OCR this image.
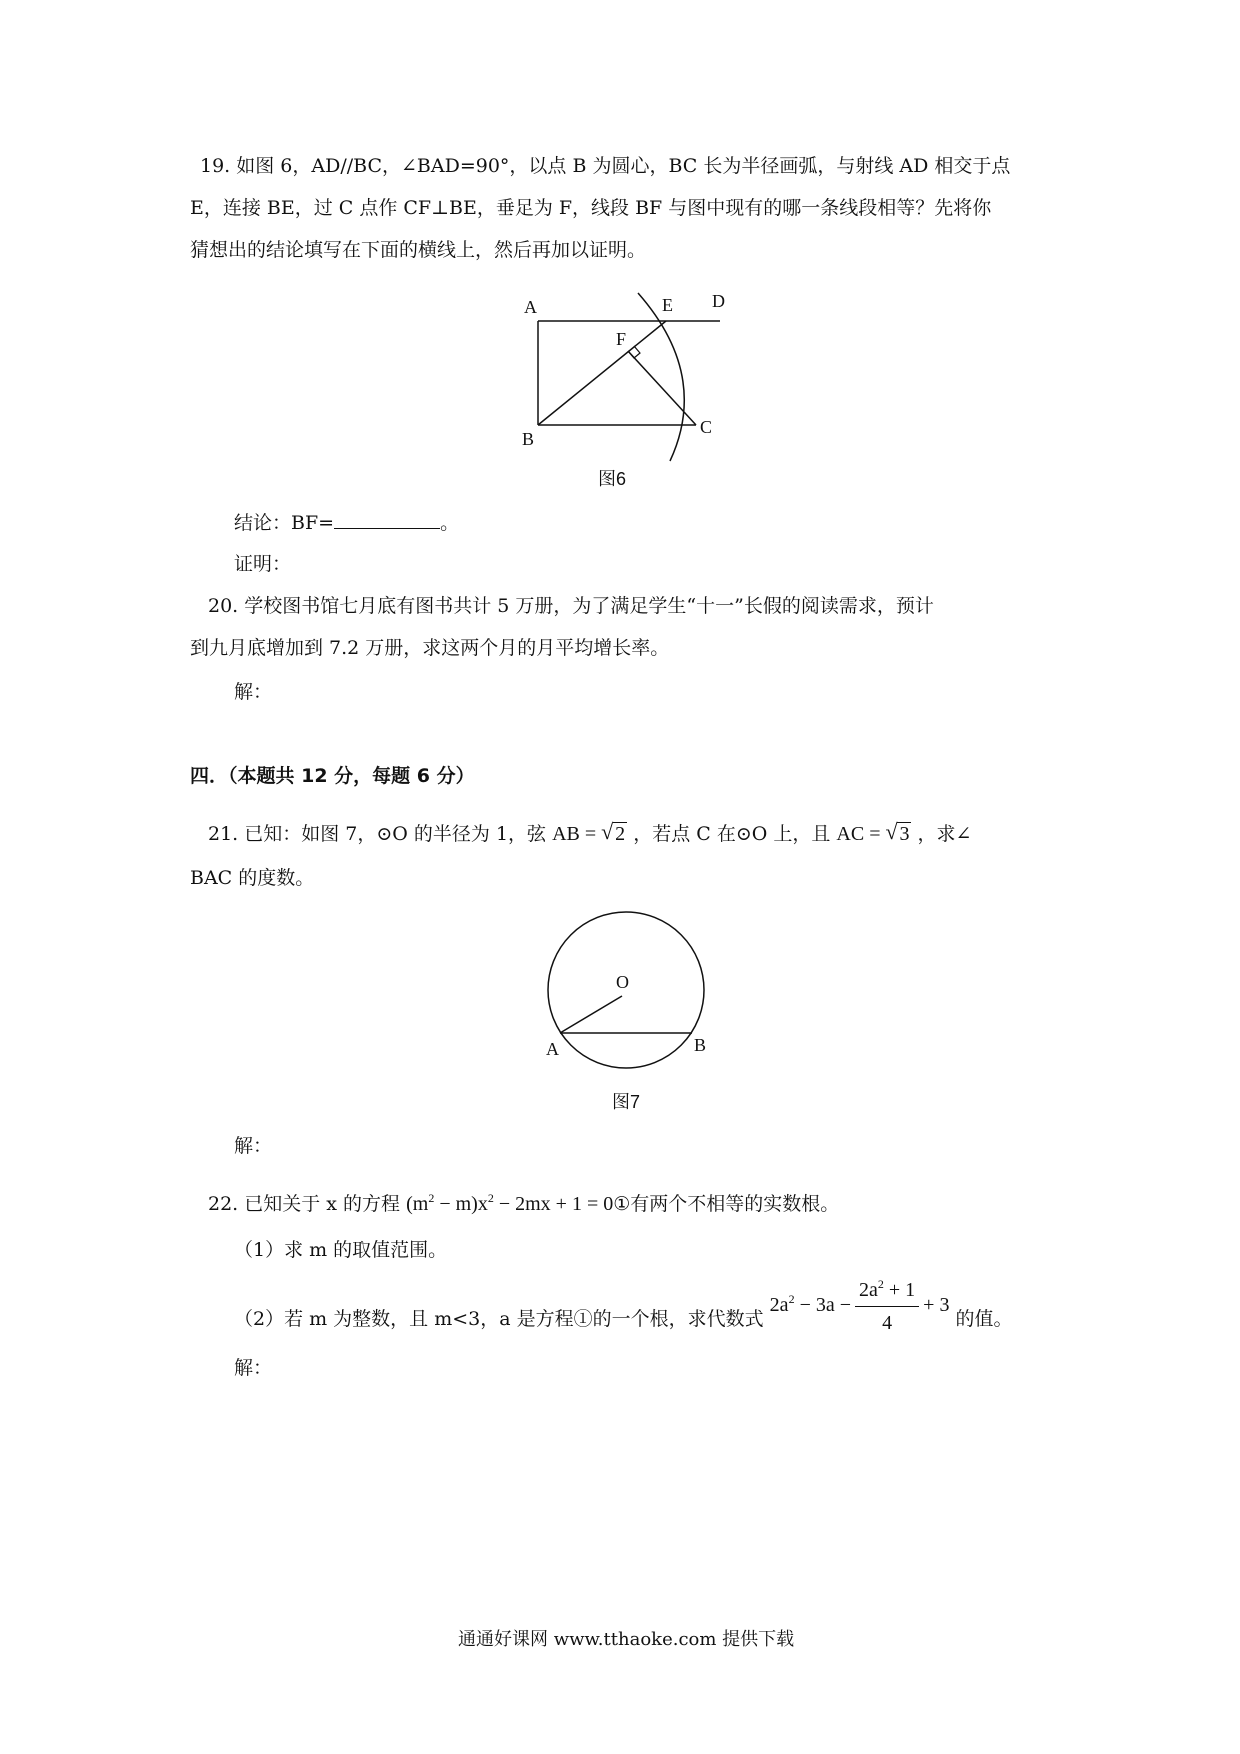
19. 如图 6，AD//BC，∠BAD=90°，以点 B 为圆心，BC 长为半径画弧，与射线 AD 相交于点
E，连接 BE，过 C 点作 CF⊥BE，垂足为 F，线段 BF 与图中现有的哪一条线段相等？先将你
猜想出的结论填写在下面的横线上，然后再加以证明。
A
B
C
D
E
F
图6
结论：BF=	。
证明：
20. 学校图书馆七月底有图书共计 5 万册，为了满足学生“十一”长假的阅读需求，预计
到九月底增加到 7.2 万册，求这两个月的月平均增长率。
解：
四．（本题共 12 分，每题 6 分）
21. 已知：如图 7，⊙O 的半径为 1，弦 AB = √ 2 ，若点 C 在⊙O 上，且 AC = √ 3 ，求∠
BAC 的度数。
O
A	B
图7
解：
22. 已知关于 x 的方程 $(m^2 - m)x^2 - 2mx + 1$ = 0①有两个不相等的实数根。
（1）求 m 的取值范围。
（2）若 m 为整数，且 m<3，a 是方程①的一个根，求代数式 $2a^2 - 3a - \frac{2a^2 + 1}{4} + 3$ 的值。
解：
通通好课网 www.tthaoke.com 提供下载
